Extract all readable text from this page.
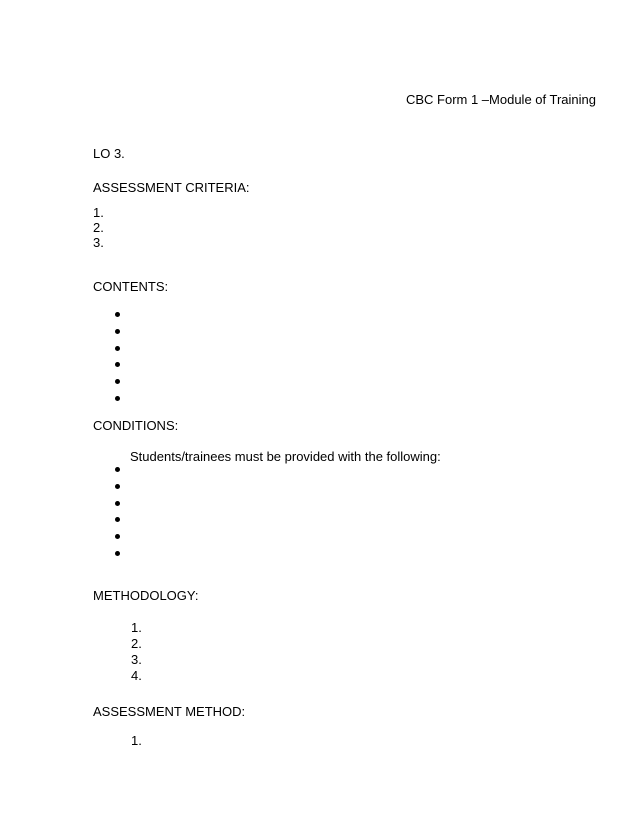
CBC Form 1 –Module of Training
LO 3.
ASSESSMENT CRITERIA:
1.
2.
3.
CONTENTS:
CONDITIONS:
Students/trainees must be provided with the following:
METHODOLOGY:
1.
2.
3.
4.
ASSESSMENT METHOD:
1.
